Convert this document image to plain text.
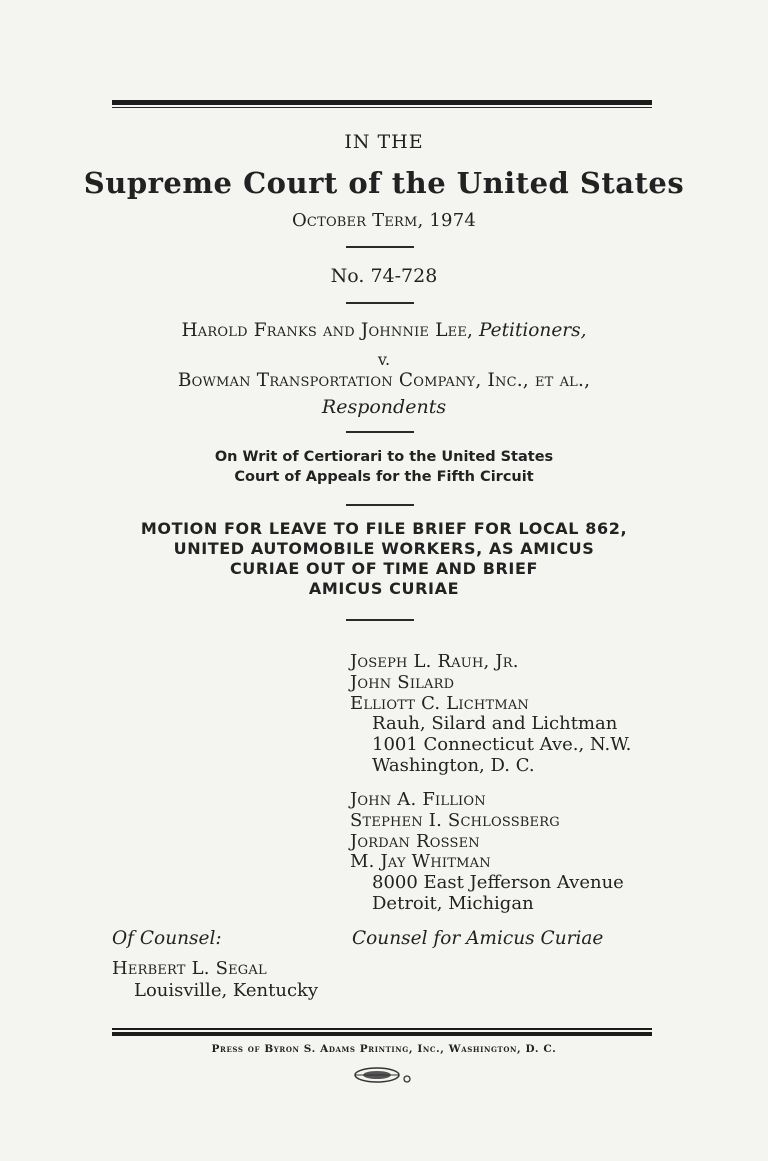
IN THE
Supreme Court of the United States
October Term, 1974
No. 74-728
Harold Franks and Johnnie Lee, Petitioners,
v.
Bowman Transportation Company, Inc., et al.,
Respondents
On Writ of Certiorari to the United States
Court of Appeals for the Fifth Circuit
MOTION FOR LEAVE TO FILE BRIEF FOR LOCAL 862,
UNITED AUTOMOBILE WORKERS, AS AMICUS
CURIAE OUT OF TIME AND BRIEF
AMICUS CURIAE
Joseph L. Rauh, Jr.
John Silard
Elliott C. Lichtman
Rauh, Silard and Lichtman
1001 Connecticut Ave., N.W.
Washington, D. C.
John A. Fillion
Stephen I. Schlossberg
Jordan Rossen
M. Jay Whitman
8000 East Jefferson Avenue
Detroit, Michigan
Of Counsel:	Counsel for Amicus Curiae
Herbert L. Segal
Louisville, Kentucky
Press of Byron S. Adams Printing, Inc., Washington, D. C.
